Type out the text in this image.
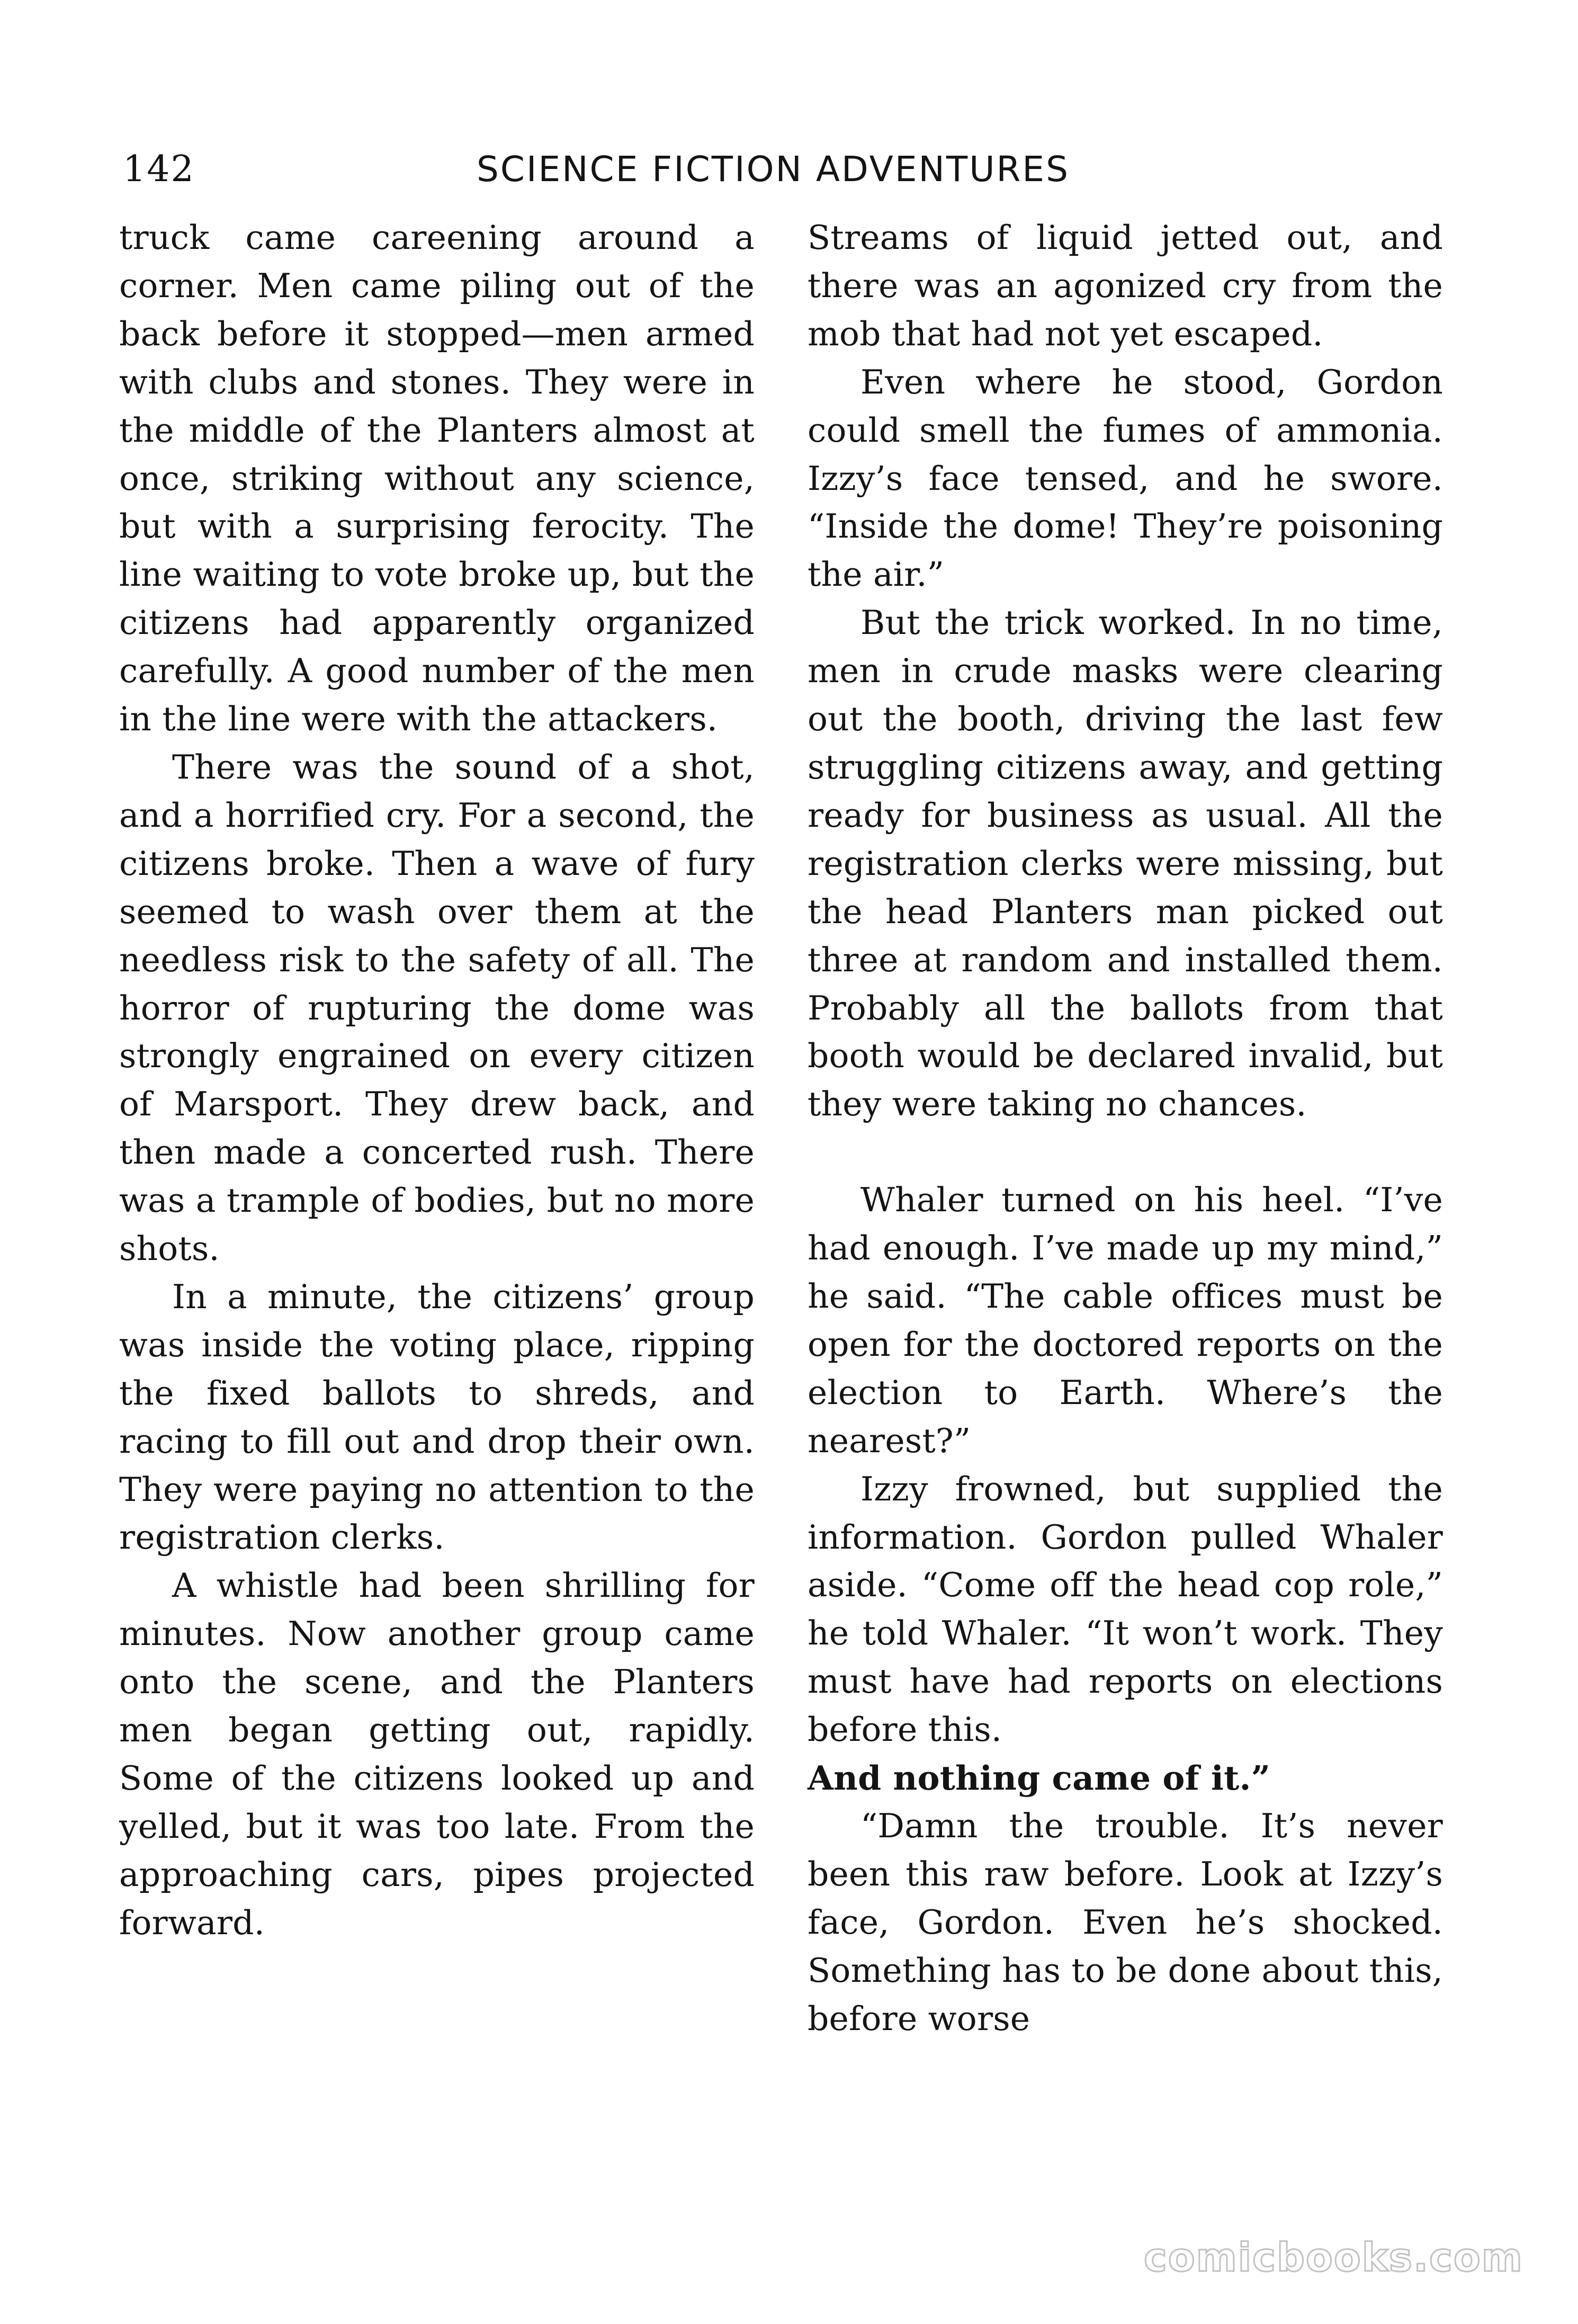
142	SCIENCE FICTION ADVENTURES

truck came careening around a corner. Men came piling out of the back before it stopped—men armed with clubs and stones. They were in the middle of the Planters almost at once, striking without any science, but with a surprising ferocity. The line waiting to vote broke up, but the citizens had apparently organized carefully. A good number of the men in the line were with the attackers.

There was the sound of a shot, and a horrified cry. For a second, the citizens broke. Then a wave of fury seemed to wash over them at the needless risk to the safety of all. The horror of rupturing the dome was strongly engrained on every citizen of Marsport. They drew back, and then made a concerted rush. There was a trample of bodies, but no more shots.

In a minute, the citizens’ group was inside the voting place, ripping the fixed ballots to shreds, and racing to fill out and drop their own. They were paying no attention to the registration clerks.

A whistle had been shrilling for minutes. Now another group came onto the scene, and the Planters men began getting out, rapidly. Some of the citizens looked up and yelled, but it was too late. From the approaching cars, pipes projected forward.

Streams of liquid jetted out, and there was an agonized cry from the mob that had not yet escaped.

Even where he stood, Gordon could smell the fumes of ammonia. Izzy’s face tensed, and he swore. “Inside the dome! They’re poisoning the air.”

But the trick worked. In no time, men in crude masks were clearing out the booth, driving the last few struggling citizens away, and getting ready for business as usual. All the registration clerks were missing, but the head Planters man picked out three at random and installed them. Probably all the ballots from that booth would be declared invalid, but they were taking no chances.

Whaler turned on his heel. “I’ve had enough. I’ve made up my mind,” he said. “The cable offices must be open for the doctored reports on the election to Earth. Where’s the nearest?”

Izzy frowned, but supplied the information. Gordon pulled Whaler aside. “Come off the head cop role,” he told Whaler. “It won’t work. They must have had reports on elections before this.

And nothing came of it.”

“Damn the trouble. It’s never been this raw before. Look at Izzy’s face, Gordon. Even he’s shocked. Something has to be done about this, before worse

comicbooks.com
